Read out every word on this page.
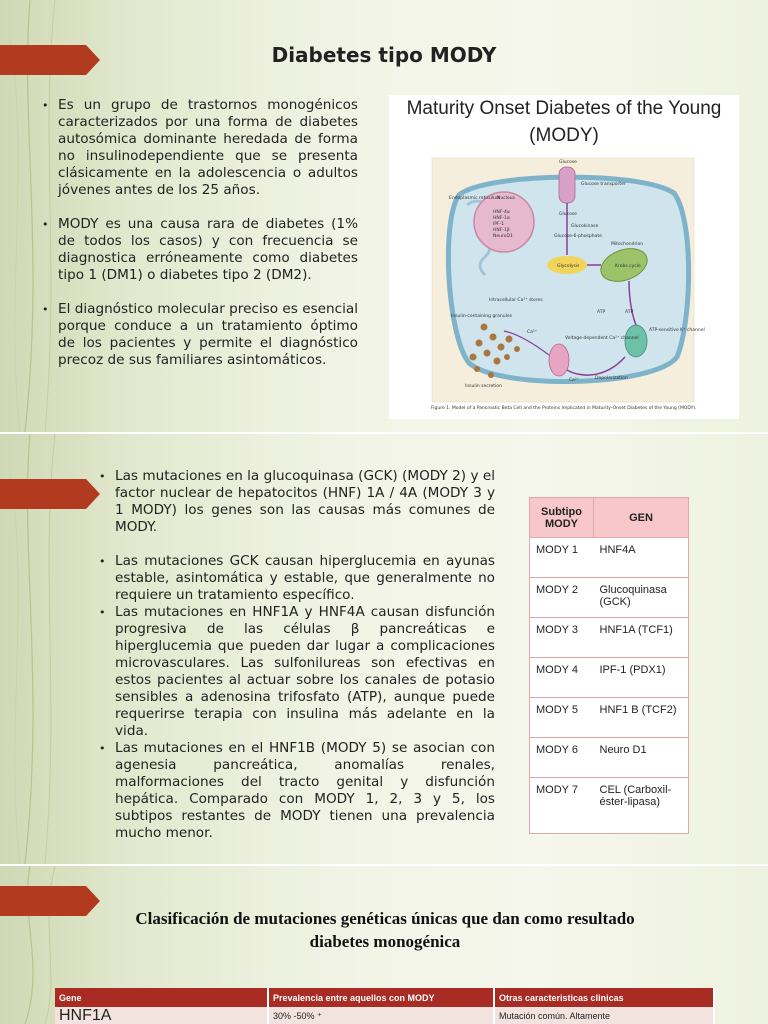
Diabetes tipo MODY
• Es un grupo de trastornos monogénicos caracterizados por una forma de diabetes autosómica dominante heredada de forma no insulinodependiente que se presenta clásicamente en la adolescencia o adultos jóvenes antes de los 25 años.
• MODY es una causa rara de diabetes (1% de todos los casos) y con frecuencia se diagnostica erróneamente como diabetes tipo 1 (DM1) o diabetes tipo 2 (DM2).
• El diagnóstico molecular preciso es esencial porque conduce a un tratamiento óptimo de los pacientes y permite el diagnóstico precoz de sus familiares asintomáticos.
Maturity Onset Diabetes of the Young
(MODY)
Glucose
Endoplasmic reticulum
Nucleus
HNF-4α
HNF-1α
IPF-1
HNF-1β
NeuroD1
Glucose transporter
Glucose
Glucokinase
Glucose-6-phosphate
Glycolysis
Mitochondrion
Krebs cycle
Intracellular Ca²⁺ stores
Insulin-containing granules
ATP	ATP
Voltage-dependent Ca²⁺ channel
ATP-sensitive K⁺ channel
Ca²⁺
Ca²⁺
Insulin secretion
Depolarization
Figure 1. Model of a Pancreatic Beta Cell and the Proteins Implicated in Maturity-Onset Diabetes of the Young (MODY).
• Las mutaciones en la glucoquinasa (GCK) (MODY 2) y el factor nuclear de hepatocitos (HNF) 1A / 4A (MODY 3 y 1 MODY) los genes son las causas más comunes de MODY.
• Las mutaciones GCK causan hiperglucemia en ayunas estable, asintomática y estable, que generalmente no requiere un tratamiento específico.
• Las mutaciones en HNF1A y HNF4A causan disfunción progresiva de las células β pancreáticas e hiperglucemia que pueden dar lugar a complicaciones microvasculares. Las sulfonilureas son efectivas en estos pacientes al actuar sobre los canales de potasio sensibles a adenosina trifosfato (ATP), aunque puede requerirse terapia con insulina más adelante en la vida.
• Las mutaciones en el HNF1B (MODY 5) se asocian con agenesia pancreática, anomalías renales, malformaciones del tracto genital y disfunción hepática. Comparado con MODY 1, 2, 3 y 5, los subtipos restantes de MODY tienen una prevalencia mucho menor.
Subtipo MODY	GEN
MODY 1	HNF4A
MODY 2	Glucoquinasa (GCK)
MODY 3	HNF1A (TCF1)
MODY 4	IPF-1 (PDX1)
MODY 5	HNF1 B (TCF2)
MODY 6	Neuro D1
MODY 7	CEL (Carboxil-éster-lipasa)
Clasificación de mutaciones genéticas únicas que dan como resultado diabetes monogénica
Gene	Prevalencia entre aquellos con MODY	Otras caracteristicas clinicas
HNF1A	30% -50% ⁺	Mutación común. Altamente
